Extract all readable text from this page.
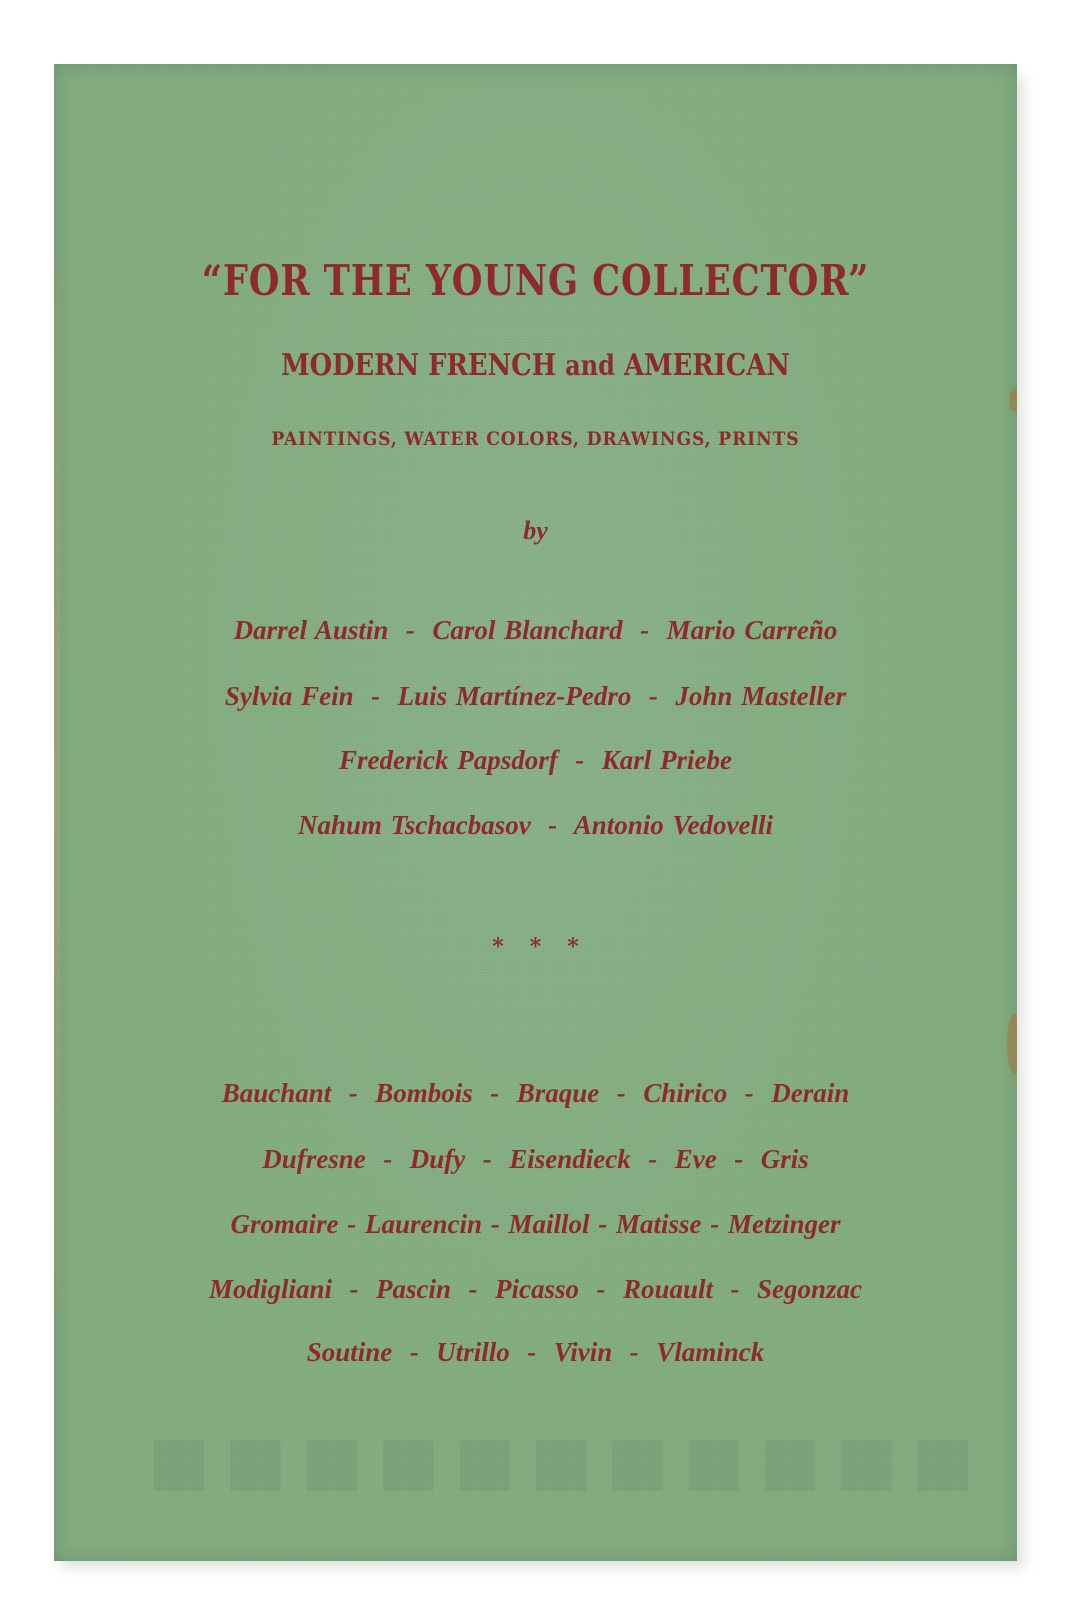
■■■■■■■■■■■
“FOR THE YOUNG COLLECTOR”
MODERN FRENCH and AMERICAN
PAINTINGS, WATER COLORS, DRAWINGS, PRINTS
by
Darrel Austin  -  Carol Blanchard  -  Mario Carreño
Sylvia Fein  -  Luis Martínez-Pedro  -  John Masteller
Frederick Papsdorf  -  Karl Priebe
Nahum Tschacbasov  -  Antonio Vedovelli
***
Bauchant  -  Bombois  -  Braque  -  Chirico  -  Derain
Dufresne  -  Dufy  -  Eisendieck  -  Eve  -  Gris
Gromaire - Laurencin - Maillol - Matisse - Metzinger
Modigliani  -  Pascin  -  Picasso  -  Rouault  -  Segonzac
Soutine  -  Utrillo  -  Vivin  -  Vlaminck
